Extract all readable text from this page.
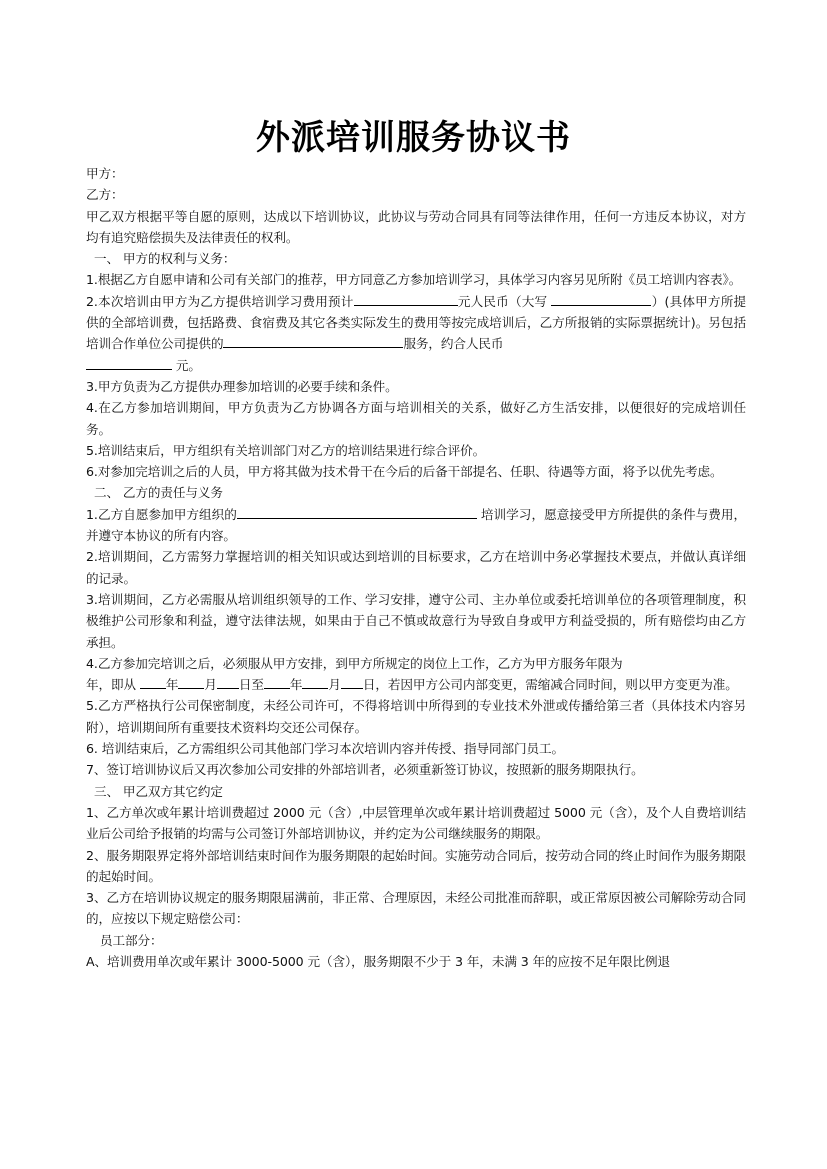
外派培训服务协议书

甲方：

乙方：

甲乙双方根据平等自愿的原则，达成以下培训协议，此协议与劳动合同具有同等法律作用，任何一方违反本协议，对方均有追究赔偿损失及法律责任的权利。

一、 甲方的权利与义务：

1.根据乙方自愿申请和公司有关部门的推荐，甲方同意乙方参加培训学习，具体学习内容另见所附《员工培训内容表》。

2.本次培训由甲方为乙方提供培训学习费用预计	元人民币（大写	）(具体甲方所提供的全部培训费，包括路费、食宿费及其它各类实际发生的费用等按完成培训后，乙方所报销的实际票据统计)。另包括培训合作单位公司提供的	服务，约合人民币
元。

3.甲方负责为乙方提供办理参加培训的必要手续和条件。

4.在乙方参加培训期间，甲方负责为乙方协调各方面与培训相关的关系，做好乙方生活安排，以便很好的完成培训任务。

5.培训结束后，甲方组织有关培训部门对乙方的培训结果进行综合评价。

6.对参加完培训之后的人员，甲方将其做为技术骨干在今后的后备干部提名、任职、待遇等方面，将予以优先考虑。

二、 乙方的责任与义务

1.乙方自愿参加甲方组织的	培训学习，愿意接受甲方所提供的条件与费用，并遵守本协议的所有内容。

2.培训期间，乙方需努力掌握培训的相关知识或达到培训的目标要求，乙方在培训中务必掌握技术要点，并做认真详细的记录。

3.培训期间，乙方必需服从培训组织领导的工作、学习安排，遵守公司、主办单位或委托培训单位的各项管理制度，积极维护公司形象和利益，遵守法律法规，如果由于自己不慎或故意行为导致自身或甲方利益受损的，所有赔偿均由乙方承担。

4.乙方参加完培训之后，必须服从甲方安排，到甲方所规定的岗位上工作，乙方为甲方服务年限为
年，即从 年 月 日至 年 月 日，若因甲方公司内部变更，需缩减合同时间，则以甲方变更为准。

5.乙方严格执行公司保密制度，未经公司许可，不得将培训中所得到的专业技术外泄或传播给第三者（具体技术内容另附），培训期间所有重要技术资料均交还公司保存。

6. 培训结束后，乙方需组织公司其他部门学习本次培训内容并传授、指导同部门员工。

7、签订培训协议后又再次参加公司安排的外部培训者，必须重新签订协议，按照新的服务期限执行。

三、 甲乙双方其它约定

1、乙方单次或年累计培训费超过 2000 元（含）,中层管理单次或年累计培训费超过 5000 元（含），及个人自费培训结业后公司给予报销的均需与公司签订外部培训协议，并约定为公司继续服务的期限。

2、服务期限界定将外部培训结束时间作为服务期限的起始时间。实施劳动合同后，按劳动合同的终止时间作为服务期限的起始时间。

3、乙方在培训协议规定的服务期限届满前，非正常、合理原因，未经公司批准而辞职，或正常原因被公司解除劳动合同的，应按以下规定赔偿公司：

员工部分：

A、培训费用单次或年累计 3000-5000 元（含），服务期限不少于 3 年，未满 3 年的应按不足年限比例退
